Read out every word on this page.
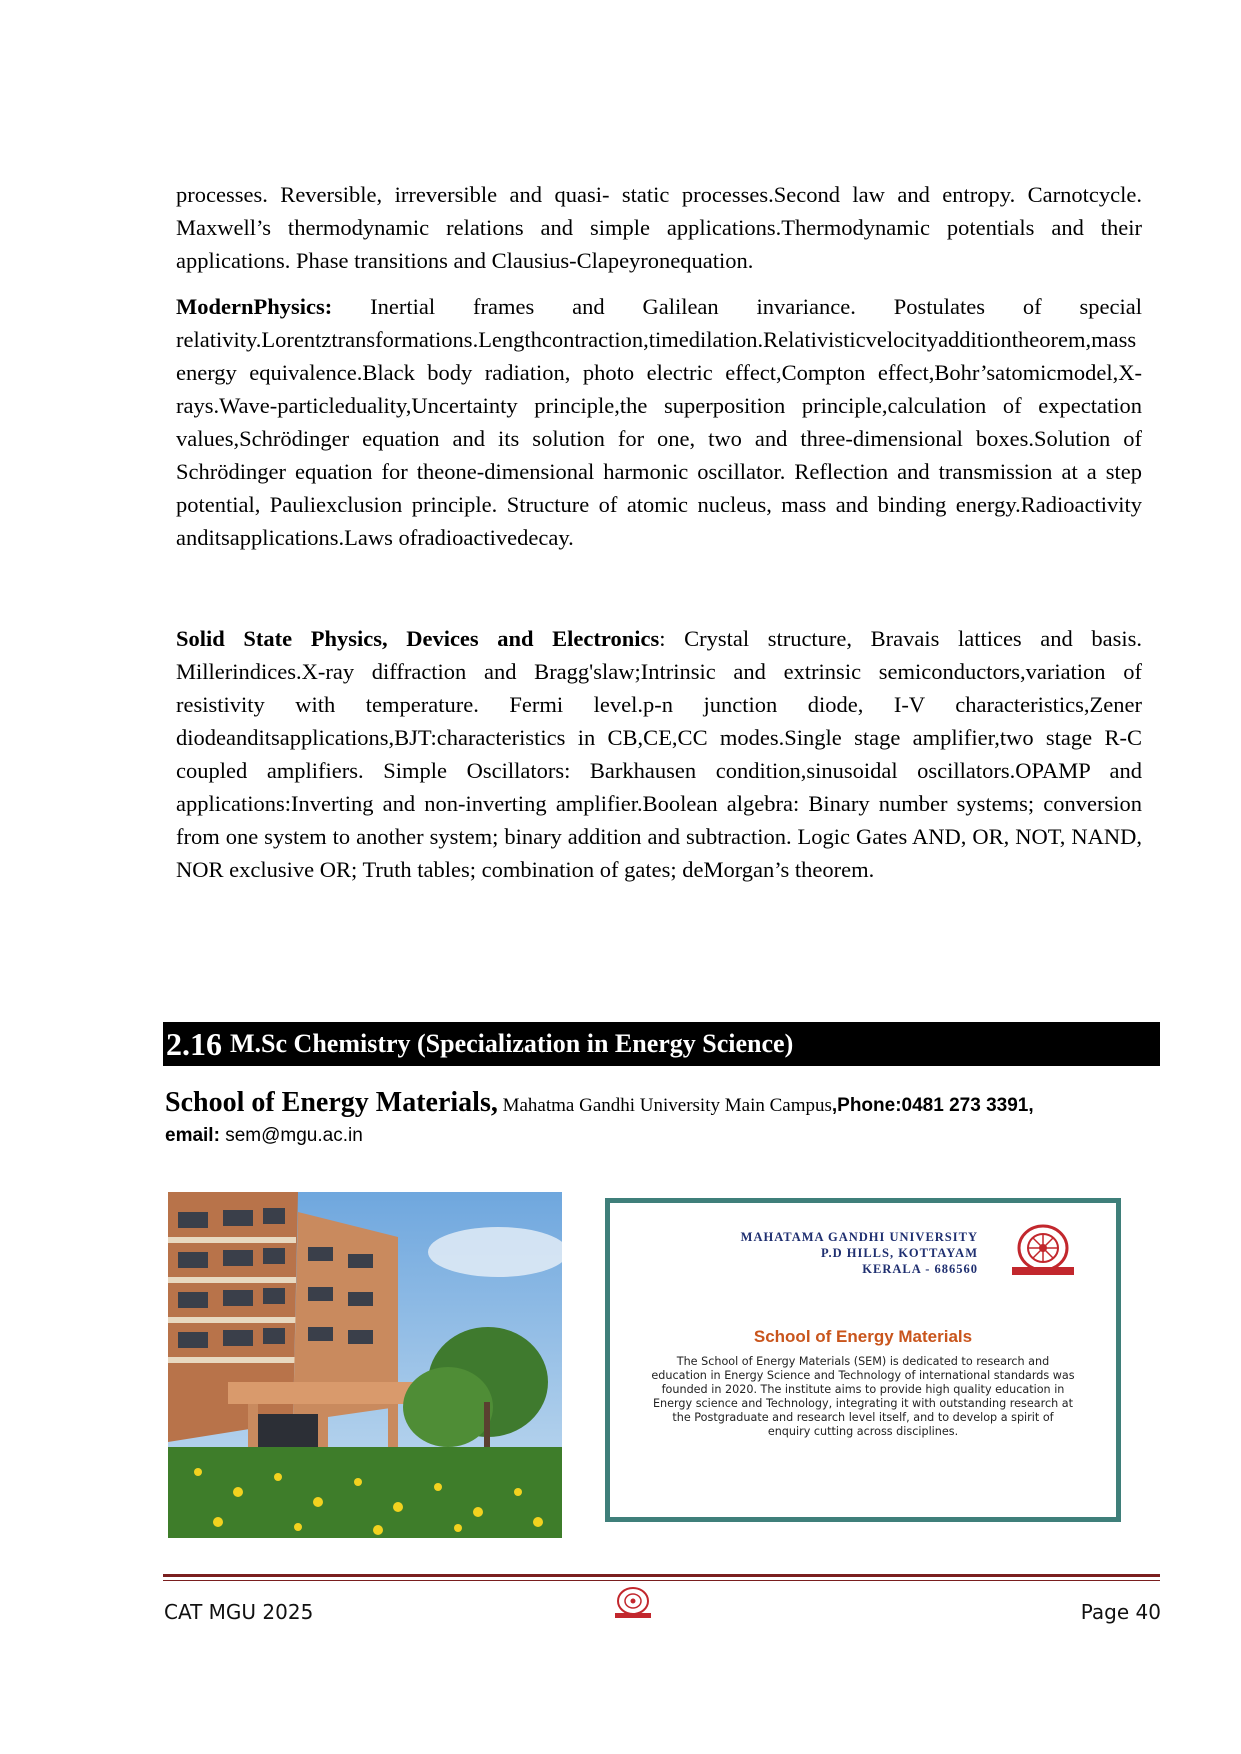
processes. Reversible, irreversible and quasi- static processes.Second law and entropy. Carnotcycle. Maxwell’s thermodynamic relations and simple applications.Thermodynamic potentials and their applications. Phase transitions and Clausius-Clapeyronequation.

ModernPhysics: Inertial frames and Galilean invariance. Postulates of special relativity.Lorentztransformations.Lengthcontraction,timedilation.Relativisticvelocityadditiontheorem,mass energy equivalence.Black body radiation, photo electric effect,Compton effect,Bohr’satomicmodel,X-rays.Wave-particleduality,Uncertainty principle,the superposition principle,calculation of expectation values,Schrödinger equation and its solution for one, two and three-dimensional boxes.Solution of Schrödinger equation for theone-dimensional harmonic oscillator. Reflection and transmission at a step potential, Pauliexclusion principle. Structure of atomic nucleus, mass and binding energy.Radioactivity anditsapplications.Laws ofradioactivedecay.

Solid State Physics, Devices and Electronics: Crystal structure, Bravais lattices and basis. Millerindices.X-ray diffraction and Bragg'slaw;Intrinsic and extrinsic semiconductors,variation of resistivity with temperature. Fermi level.p-n junction diode, I-V characteristics,Zener diodeanditsapplications,BJT:characteristics in CB,CE,CC modes.Single stage amplifier,two stage R-C coupled amplifiers. Simple Oscillators: Barkhausen condition,sinusoidal oscillators.OPAMP and applications:Inverting and non-inverting amplifier.Boolean algebra: Binary number systems; conversion from one system to another system; binary addition and subtraction. Logic Gates AND, OR, NOT, NAND, NOR exclusive OR; Truth tables; combination of gates; deMorgan’s theorem.

2.16 M.Sc Chemistry (Specialization in Energy Science)
School of Energy Materials, Mahatma Gandhi University Main Campus,Phone:0481 273 3391,
email: sem@mgu.ac.in
MAHATAMA GANDHI UNIVERSITY
P.D HILLS, KOTTAYAM
KERALA - 686560
School of Energy Materials
The School of Energy Materials (SEM) is dedicated to research and education in Energy Science and Technology of international standards was founded in 2020. The institute aims to provide high quality education in Energy science and Technology, integrating it with outstanding research at the Postgraduate and research level itself, and to develop a spirit of enquiry cutting across disciplines.
CAT MGU 2025	Page 40
